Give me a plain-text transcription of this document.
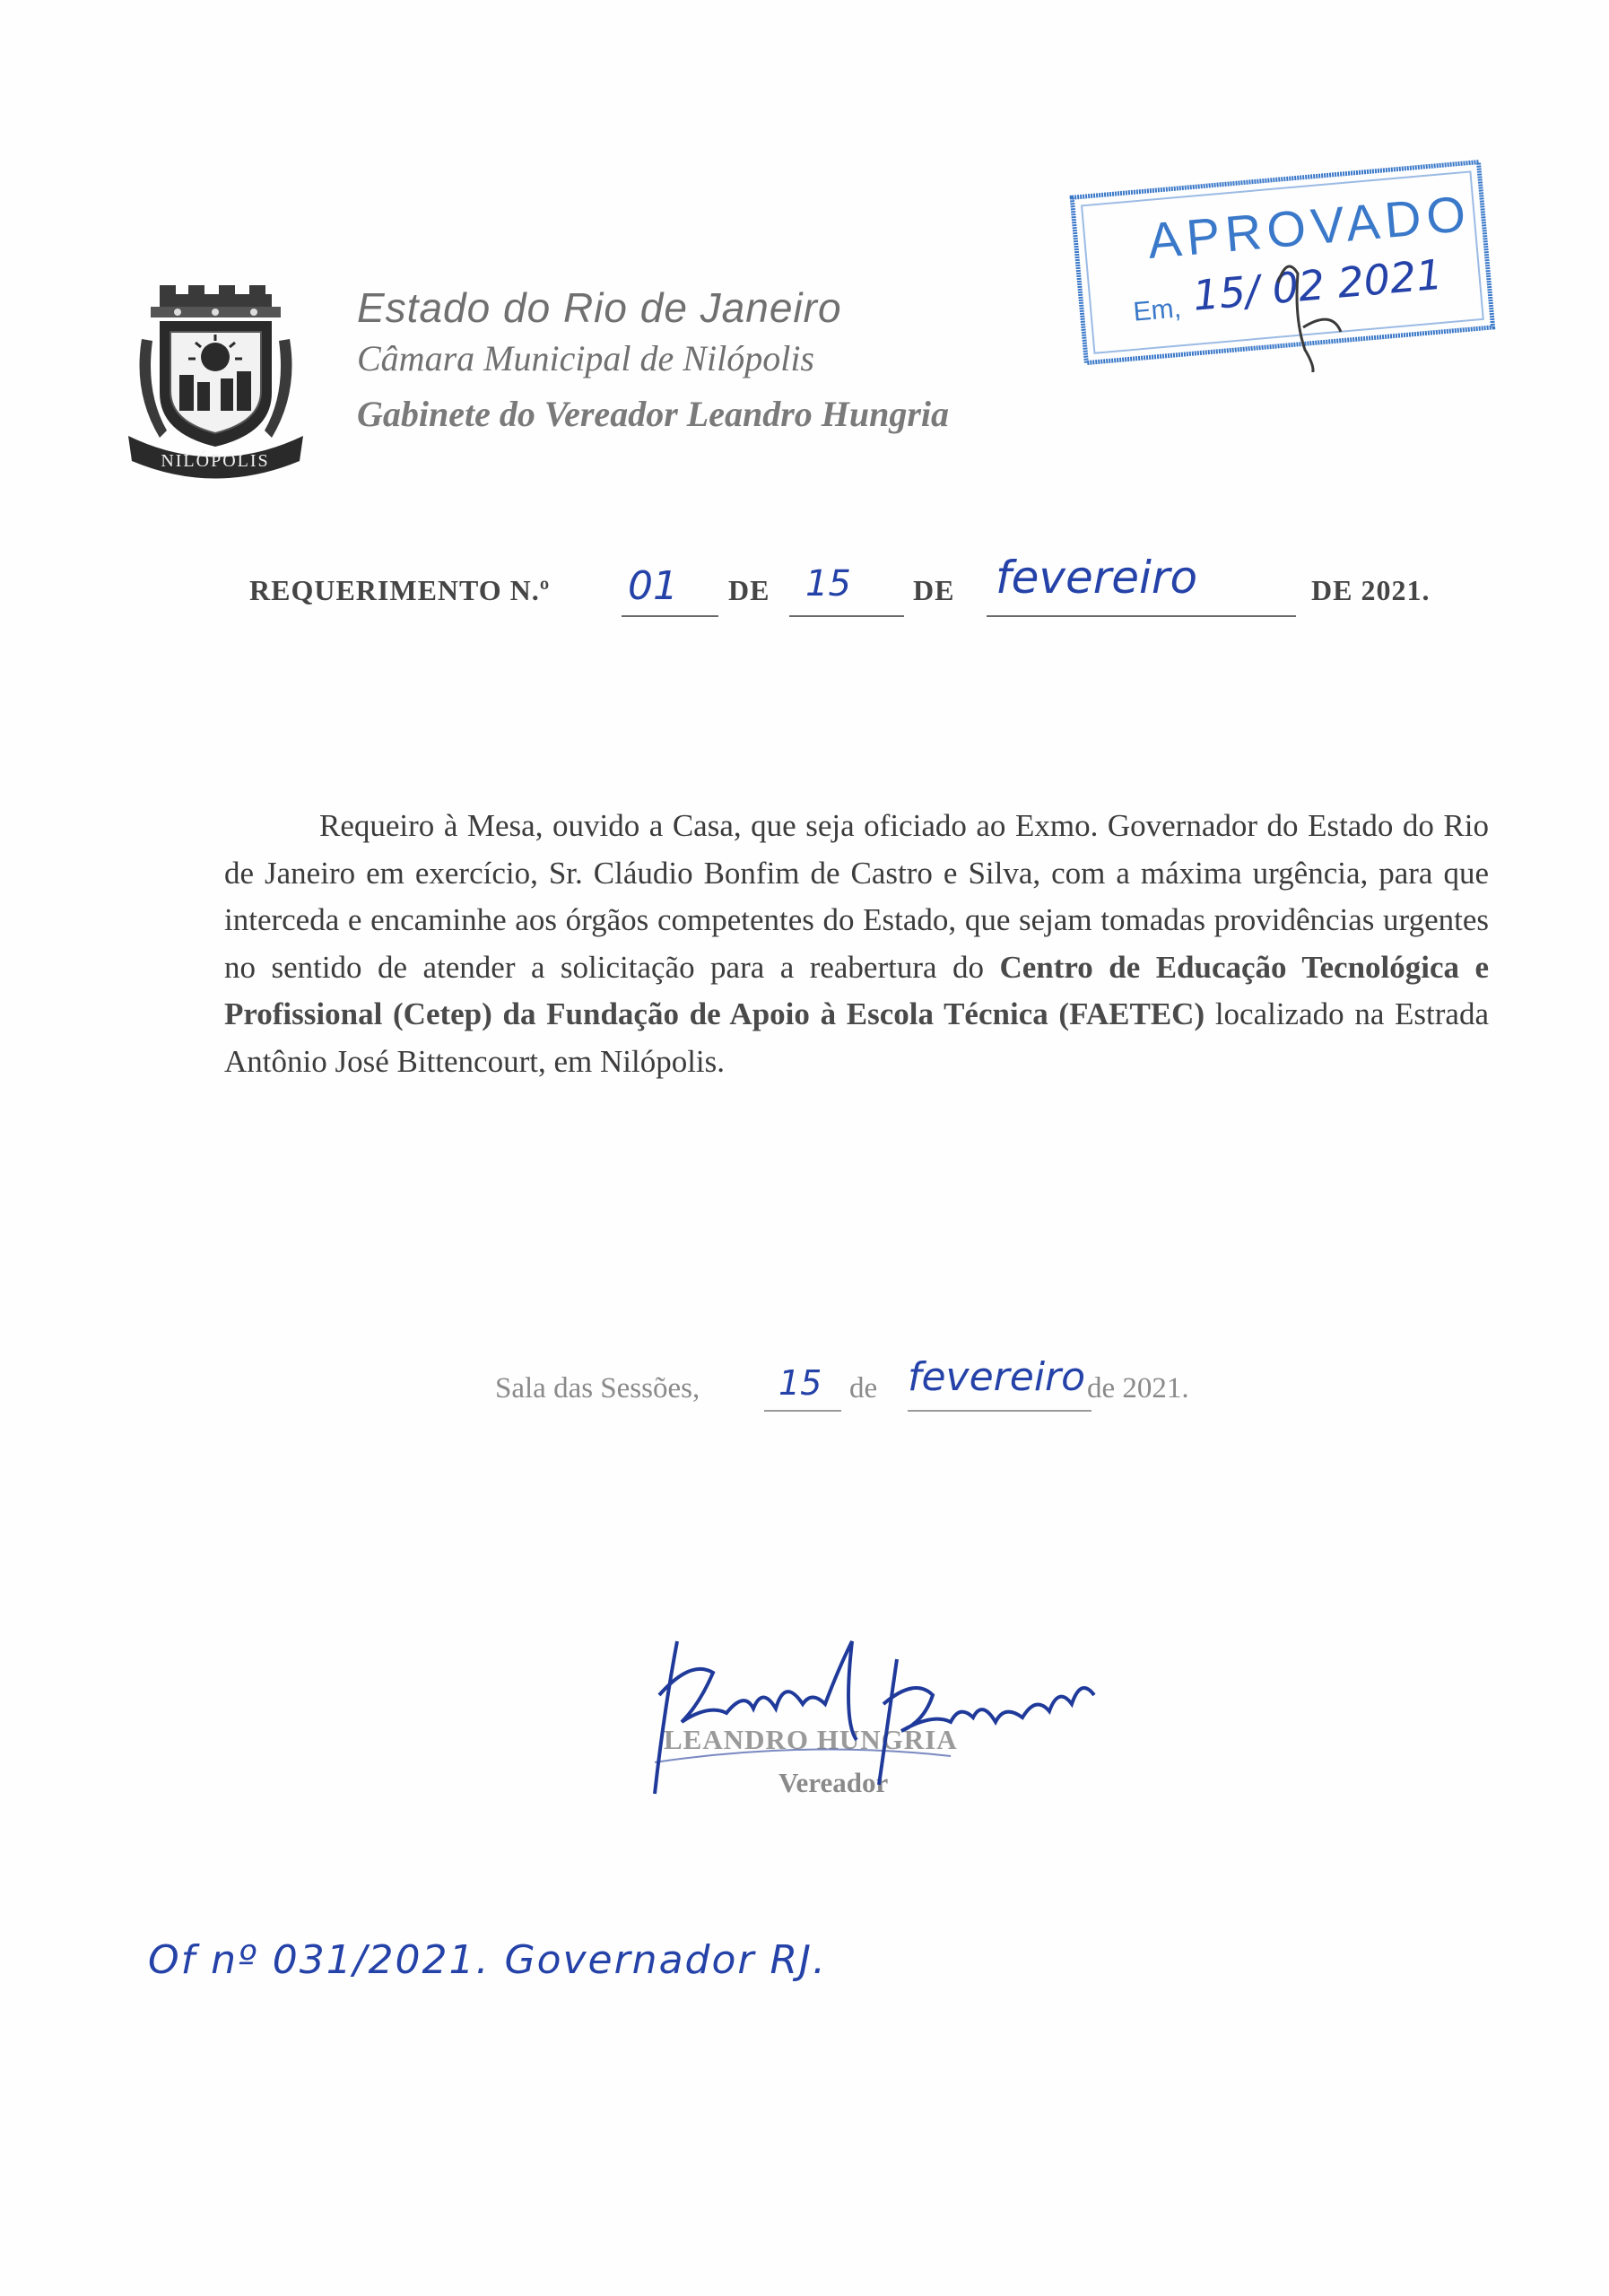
NILÓPOLIS
Estado do Rio de Janeiro
Câmara Municipal de Nilópolis
Gabinete do Vereador Leandro Hungria
APROVADO
Em, 15/ 02 2021
REQUERIMENTO N.º 01 DE 15 DE fevereiro	DE 2021.
Requeiro à Mesa, ouvido a Casa, que seja oficiado ao Exmo. Governador do Estado do Rio de Janeiro em exercício, Sr. Cláudio Bonfim de Castro e Silva, com a máxima urgência, para que interceda e encaminhe aos órgãos competentes do Estado, que sejam tomadas providências urgentes no sentido de atender a solicitação para a reabertura do Centro de Educação Tecnológica e Profissional (Cetep) da Fundação de Apoio à Escola Técnica (FAETEC) localizado na Estrada Antônio José Bittencourt, em Nilópolis.
Sala das Sessões, 15 de fevereiro de 2021.
LEANDRO HUNGRIA
Vereador
Of nº 031/2021. Governador RJ.
